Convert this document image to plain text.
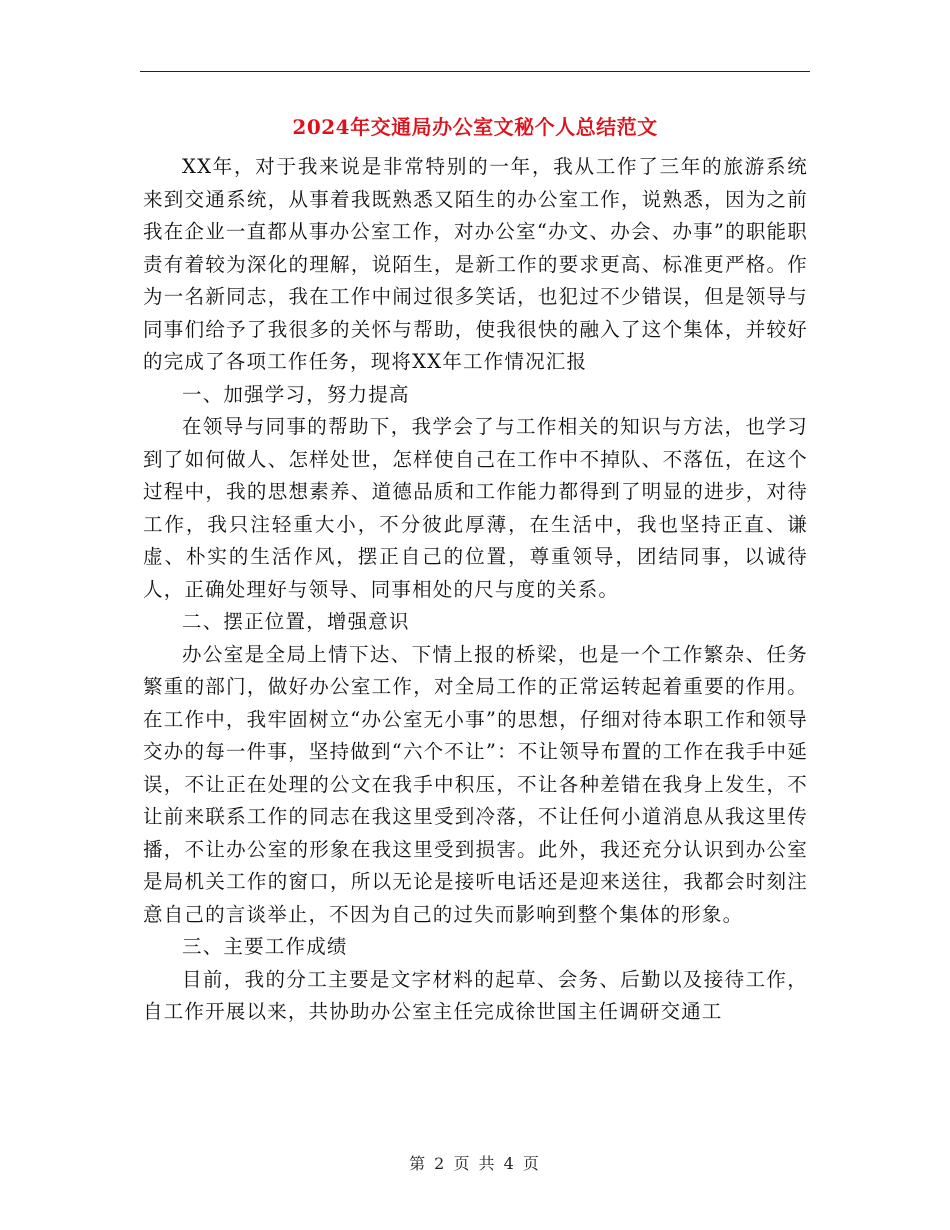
2024年交通局办公室文秘个人总结范文

XX年，对于我来说是非常特别的一年，我从工作了三年的旅游系统来到交通系统，从事着我既熟悉又陌生的办公室工作，说熟悉，因为之前我在企业一直都从事办公室工作，对办公室“办文、办会、办事”的职能职责有着较为深化的理解，说陌生，是新工作的要求更高、标准更严格。作为一名新同志，我在工作中闹过很多笑话，也犯过不少错误，但是领导与同事们给予了我很多的关怀与帮助，使我很快的融入了这个集体，并较好的完成了各项工作任务，现将XX年工作情况汇报

一、加强学习，努力提高

在领导与同事的帮助下，我学会了与工作相关的知识与方法，也学习到了如何做人、怎样处世，怎样使自己在工作中不掉队、不落伍，在这个过程中，我的思想素养、道德品质和工作能力都得到了明显的进步，对待工作，我只注轻重大小，不分彼此厚薄，在生活中，我也坚持正直、谦虚、朴实的生活作风，摆正自己的位置，尊重领导，团结同事，以诚待人，正确处理好与领导、同事相处的尺与度的关系。

二、摆正位置，增强意识

办公室是全局上情下达、下情上报的桥梁，也是一个工作繁杂、任务繁重的部门，做好办公室工作，对全局工作的正常运转起着重要的作用。在工作中，我牢固树立“办公室无小事”的思想，仔细对待本职工作和领导交办的每一件事，坚持做到“六个不让”：不让领导布置的工作在我手中延误，不让正在处理的公文在我手中积压，不让各种差错在我身上发生，不让前来联系工作的同志在我这里受到冷落，不让任何小道消息从我这里传播，不让办公室的形象在我这里受到损害。此外，我还充分认识到办公室是局机关工作的窗口，所以无论是接听电话还是迎来送往，我都会时刻注意自己的言谈举止，不因为自己的过失而影响到整个集体的形象。

三、主要工作成绩

目前，我的分工主要是文字材料的起草、会务、后勤以及接待工作，自工作开展以来，共协助办公室主任完成徐世国主任调研交通工

第 2 页 共 4 页
